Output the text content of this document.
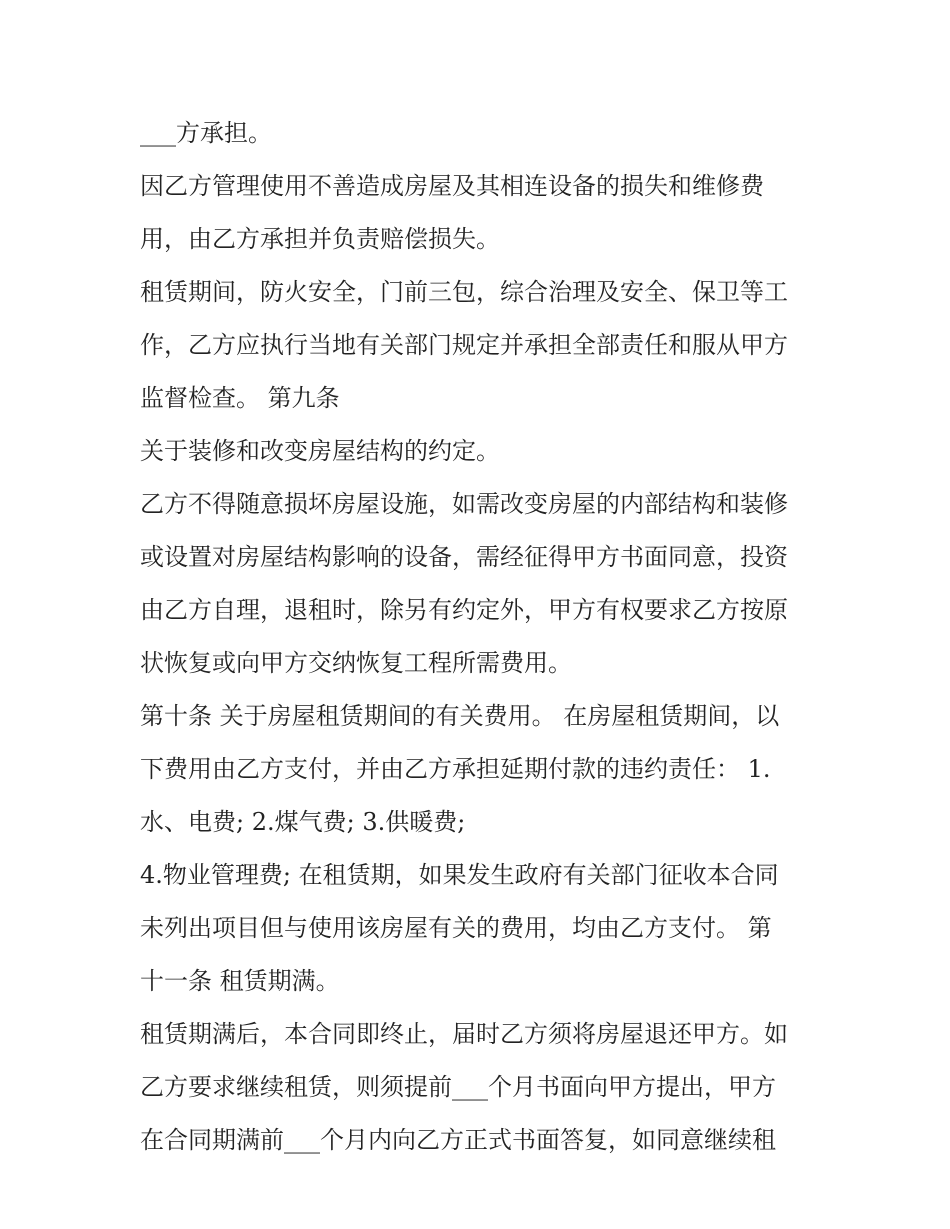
___方承担。
因乙方管理使用不善造成房屋及其相连设备的损失和维修费
用，由乙方承担并负责赔偿损失。
租赁期间，防火安全，门前三包，综合治理及安全、保卫等工
作，乙方应执行当地有关部门规定并承担全部责任和服从甲方
监督检查。 第九条
关于装修和改变房屋结构的约定。
乙方不得随意损坏房屋设施，如需改变房屋的内部结构和装修
或设置对房屋结构影响的设备，需经征得甲方书面同意，投资
由乙方自理，退租时，除另有约定外，甲方有权要求乙方按原
状恢复或向甲方交纳恢复工程所需费用。
第十条 关于房屋租赁期间的有关费用。 在房屋租赁期间，以
下费用由乙方支付，并由乙方承担延期付款的违约责任： 1.
水、电费; 2.煤气费; 3.供暖费;
4.物业管理费; 在租赁期，如果发生政府有关部门征收本合同
未列出项目但与使用该房屋有关的费用，均由乙方支付。 第
十一条 租赁期满。
租赁期满后，本合同即终止，届时乙方须将房屋退还甲方。如
乙方要求继续租赁，则须提前___个月书面向甲方提出，甲方
在合同期满前___个月内向乙方正式书面答复，如同意继续租
